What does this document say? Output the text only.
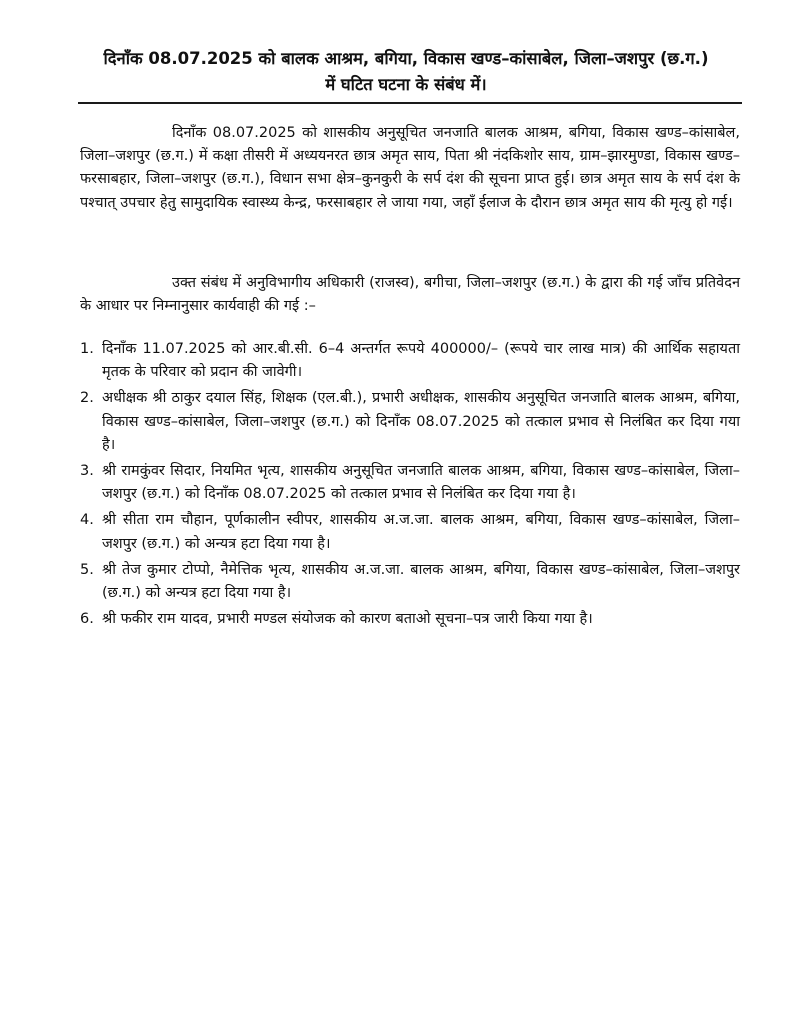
दिनाँक 08.07.2025 को बालक आश्रम, बगिया, विकास खण्ड–कांसाबेल, जिला–जशपुर (छ.ग.) में घटित घटना के संबंध में।

दिनाँक 08.07.2025 को शासकीय अनुसूचित जनजाति बालक आश्रम, बगिया, विकास खण्ड–कांसाबेल, जिला–जशपुर (छ.ग.) में कक्षा तीसरी में अध्ययनरत छात्र अमृत साय, पिता श्री नंदकिशोर साय, ग्राम–झारमुण्डा, विकास खण्ड–फरसाबहार, जिला–जशपुर (छ.ग.), विधान सभा क्षेत्र–कुनकुरी के सर्प दंश की सूचना प्राप्त हुई। छात्र अमृत साय के सर्प दंश के पश्चात् उपचार हेतु सामुदायिक स्वास्थ्य केन्द्र, फरसाबहार ले जाया गया, जहाँ ईलाज के दौरान छात्र अमृत साय की मृत्यु हो गई।

उक्त संबंध में अनुविभागीय अधिकारी (राजस्व), बगीचा, जिला–जशपुर (छ.ग.) के द्वारा की गई जाँच प्रतिवेदन के आधार पर निम्नानुसार कार्यवाही की गई :–

1. दिनाँक 11.07.2025 को आर.बी.सी. 6–4 अन्तर्गत रूपये 400000/– (रूपये चार लाख मात्र) की आर्थिक सहायता मृतक के परिवार को प्रदान की जावेगी।
2. अधीक्षक श्री ठाकुर दयाल सिंह, शिक्षक (एल.बी.), प्रभारी अधीक्षक, शासकीय अनुसूचित जनजाति बालक आश्रम, बगिया, विकास खण्ड–कांसाबेल, जिला–जशपुर (छ.ग.) को दिनाँक 08.07.2025 को तत्काल प्रभाव से निलंबित कर दिया गया है।
3. श्री रामकुंवर सिदार, नियमित भृत्य, शासकीय अनुसूचित जनजाति बालक आश्रम, बगिया, विकास खण्ड–कांसाबेल, जिला–जशपुर (छ.ग.) को दिनाँक 08.07.2025 को तत्काल प्रभाव से निलंबित कर दिया गया है।
4. श्री सीता राम चौहान, पूर्णकालीन स्वीपर, शासकीय अ.ज.जा. बालक आश्रम, बगिया, विकास खण्ड–कांसाबेल, जिला–जशपुर (छ.ग.) को अन्यत्र हटा दिया गया है।
5. श्री तेज कुमार टोप्पो, नैमेत्तिक भृत्य, शासकीय अ.ज.जा. बालक आश्रम, बगिया, विकास खण्ड–कांसाबेल, जिला–जशपुर (छ.ग.) को अन्यत्र हटा दिया गया है।
6. श्री फकीर राम यादव, प्रभारी मण्डल संयोजक को कारण बताओ सूचना–पत्र जारी किया गया है।
